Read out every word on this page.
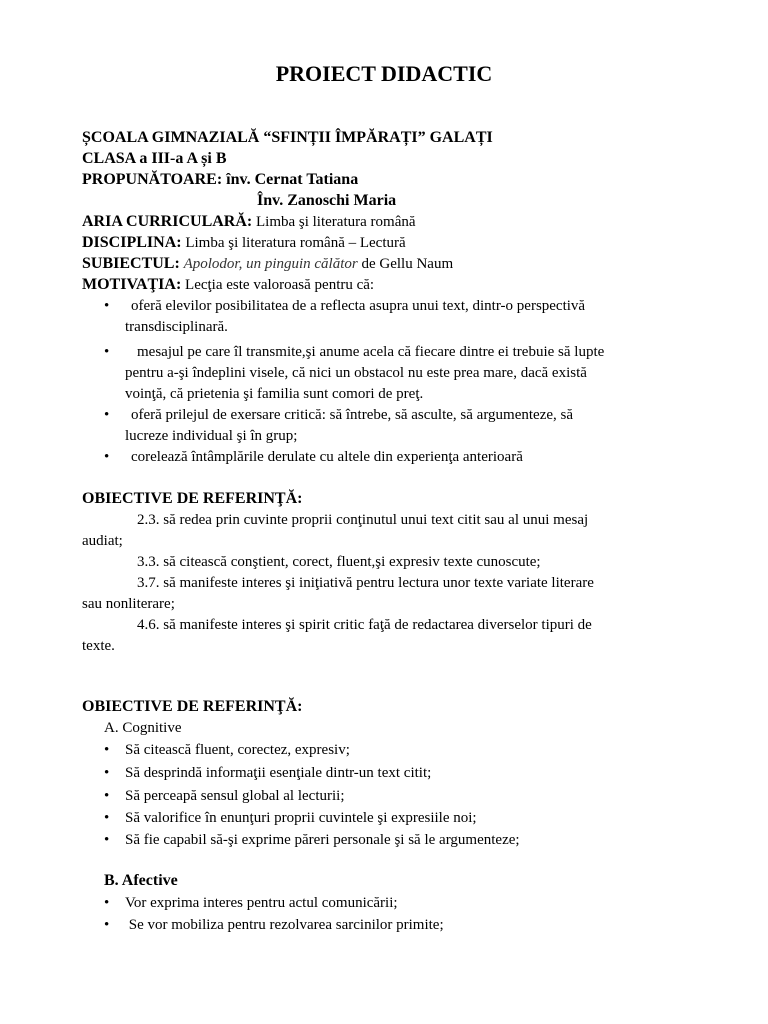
PROIECT DIDACTIC
ȘCOALA GIMNAZIALĂ “SFINȚII ÎMPĂRAȚI” GALAȚI
CLASA a III-a A și B
PROPUNĂTOARE: înv. Cernat Tatiana
Înv. Zanoschi Maria
ARIA CURRICULARĂ: Limba şi literatura română
DISCIPLINA: Limba şi literatura română – Lectură
SUBIECTUL: Apolodor, un pinguin călător de Gellu Naum
MOTIVAŢIA: Lecţia este valoroasă pentru că:
• oferă elevilor posibilitatea de a reflecta asupra unui text, dintr-o perspectivă
transdisciplinară.
• mesajul pe care îl transmite,şi anume acela că fiecare dintre ei trebuie să lupte
pentru a-şi îndeplini visele, că nici un obstacol nu este prea mare, dacă există
voinţă, că prietenia şi familia sunt comori de preţ.
• oferă prilejul de exersare critică: să întrebe, să asculte, să argumenteze, să
lucreze individual şi în grup;
• corelează întâmplările derulate cu altele din experienţa anterioară
OBIECTIVE DE REFERINŢĂ:
2.3. să redea prin cuvinte proprii conţinutul unui text citit sau al unui mesaj
audiat;
3.3. să citească conştient, corect, fluent,şi expresiv texte cunoscute;
3.7. să manifeste interes şi iniţiativă pentru lectura unor texte variate literare
sau nonliterare;
4.6. să manifeste interes şi spirit critic faţă de redactarea diverselor tipuri de
texte.
OBIECTIVE DE REFERINŢĂ:
A. Cognitive
• Să citească fluent, corectez, expresiv;
• Să desprindă informaţii esenţiale dintr-un text citit;
• Să perceapă sensul global al lecturii;
• Să valorifice în enunţuri proprii cuvintele şi expresiile noi;
• Să fie capabil să-şi exprime păreri personale şi să le argumenteze;
B. Afective
• Vor exprima interes pentru actul comunicării;
• Se vor mobiliza pentru rezolvarea sarcinilor primite;
